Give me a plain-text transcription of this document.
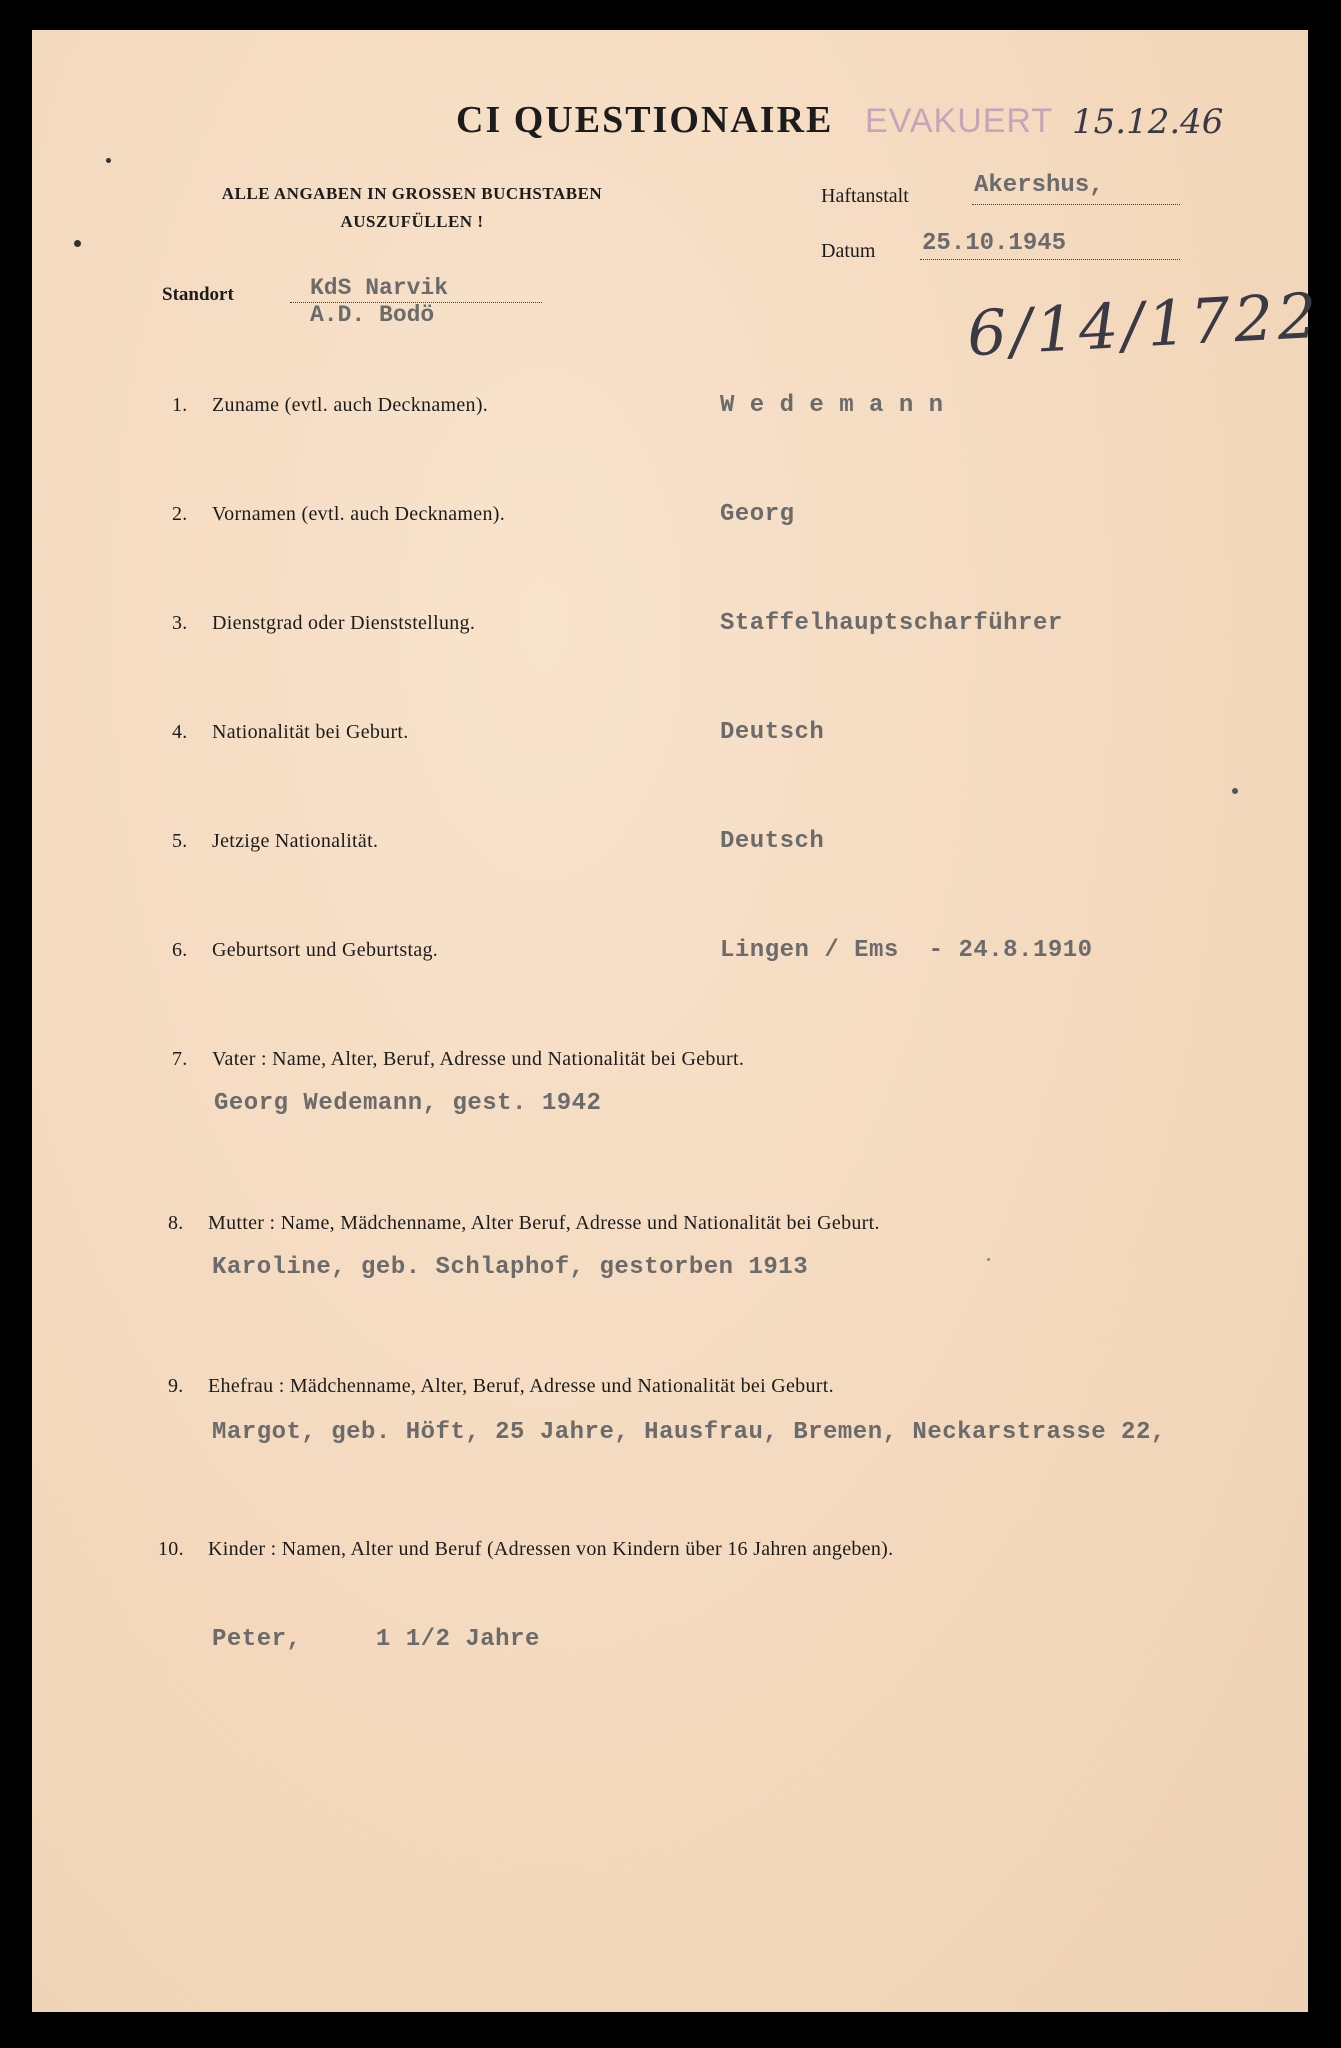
CI QUESTIONAIRE EVAKUERT 15.12.46
ALLE ANGABEN IN GROSSEN BUCHSTABEN
AUSZUFÜLLEN !
Haftanstalt	Akershus,
Datum 25.10.1945
Standort	KdS Narvik
A.D. Bodö	6/14/1722
1. Zuname (evtl. auch Decknamen).	W e d e m a n n
2. Vornamen (evtl. auch Decknamen).	Georg
3. Dienstgrad oder Dienststellung.	Staffelhauptscharführer
4. Nationalität bei Geburt.	Deutsch
5. Jetzige Nationalität.	Deutsch
6. Geburtsort und Geburtstag.	Lingen / Ems  - 24.8.1910
7. Vater : Name, Alter, Beruf, Adresse und Nationalität bei Geburt.
Georg Wedemann, gest. 1942
8. Mutter : Name, Mädchenname, Alter Beruf, Adresse und Nationalität bei Geburt.
Karoline, geb. Schlaphof, gestorben 1913
9. Ehefrau : Mädchenname, Alter, Beruf, Adresse und Nationalität bei Geburt.
Margot, geb. Höft, 25 Jahre, Hausfrau, Bremen, Neckarstrasse 22,
10. Kinder : Namen, Alter und Beruf (Adressen von Kindern über 16 Jahren angeben).
Peter,     1 1/2 Jahre
